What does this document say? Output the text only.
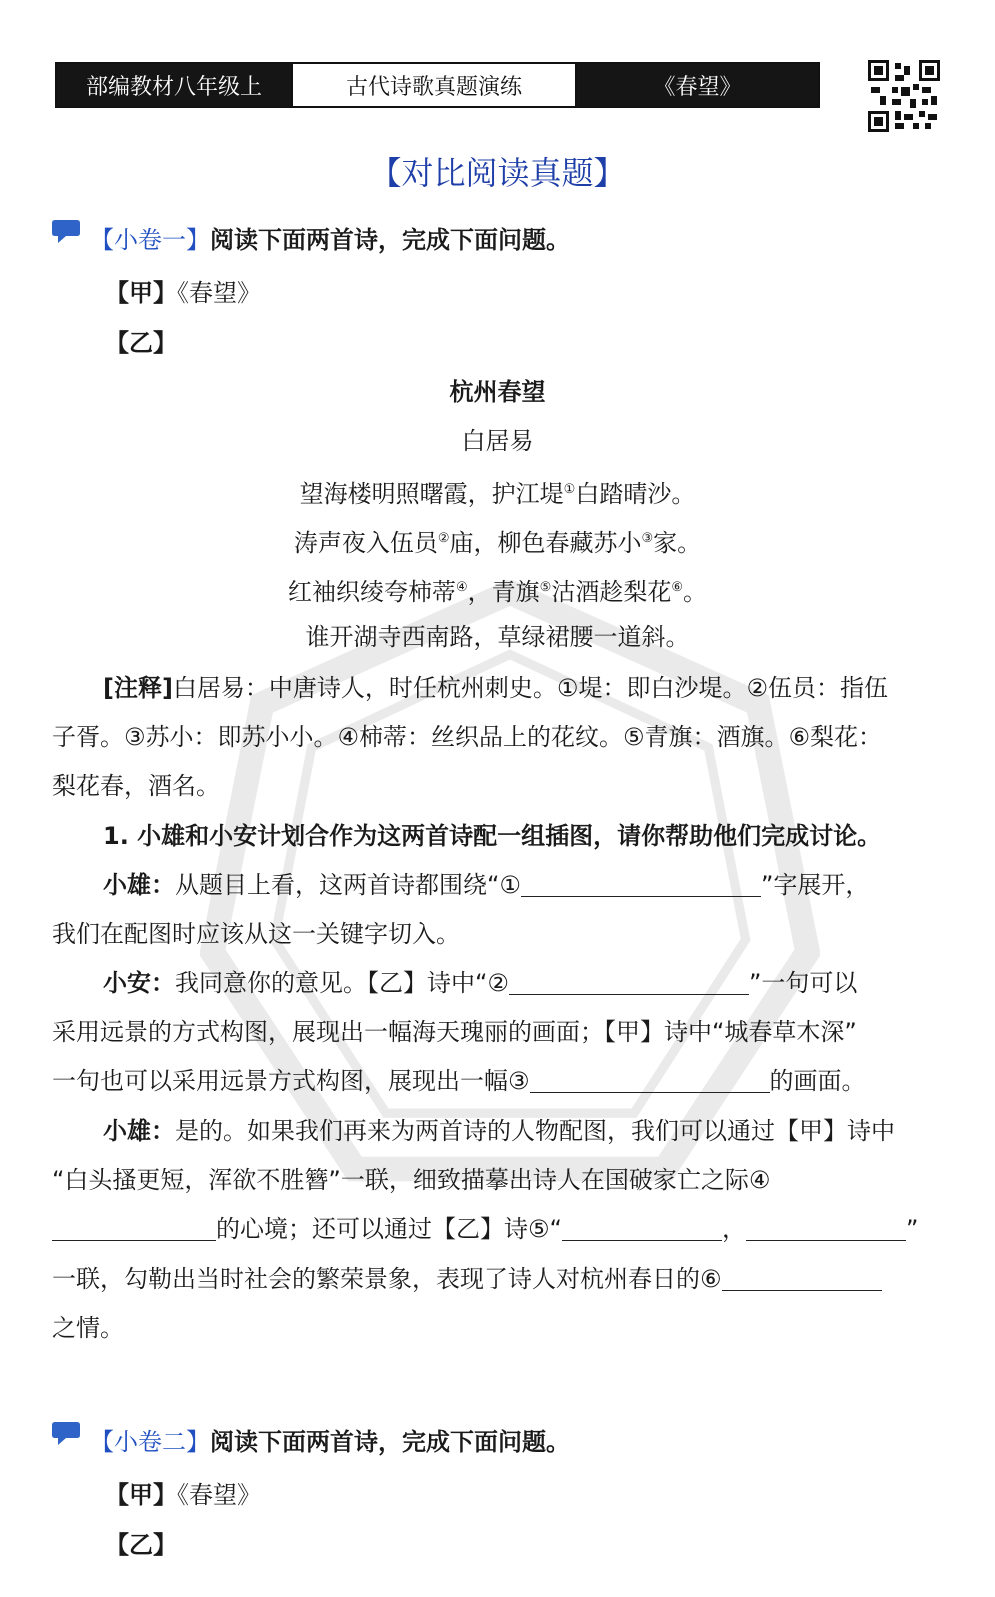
部编教材八年级上	古代诗歌真题演练	《春望》
【对比阅读真题】
【小卷一】阅读下面两首诗，完成下面问题。
【甲】《春望》
【乙】
杭州春望
白居易
望海楼明照曙霞，护江堤①白踏晴沙。
涛声夜入伍员②庙，柳色春藏苏小③家。
红袖织绫夸柿蒂④，青旗⑤沽酒趁梨花⑥。
谁开湖寺西南路，草绿裙腰一道斜。
[注释]白居易：中唐诗人，时任杭州刺史。①堤：即白沙堤。②伍员：指伍
子胥。③苏小：即苏小小。④柿蒂：丝织品上的花纹。⑤青旗：酒旗。⑥梨花：
梨花春，酒名。
1. 小雄和小安计划合作为这两首诗配一组插图，请你帮助他们完成讨论。
小雄：从题目上看，这两首诗都围绕“①	”字展开，
我们在配图时应该从这一关键字切入。
小安：我同意你的意见。【乙】诗中“②	”一句可以
采用远景的方式构图，展现出一幅海天瑰丽的画面；【甲】诗中“城春草木深”
一句也可以采用远景方式构图，展现出一幅③	的画面。
小雄：是的。如果我们再来为两首诗的人物配图，我们可以通过【甲】诗中
“白头搔更短，浑欲不胜簪”一联，细致描摹出诗人在国破家亡之际④
的心境；还可以通过【乙】诗⑤“	，	”
一联，勾勒出当时社会的繁荣景象，表现了诗人对杭州春日的⑥
之情。
【小卷二】阅读下面两首诗，完成下面问题。
【甲】《春望》
【乙】
